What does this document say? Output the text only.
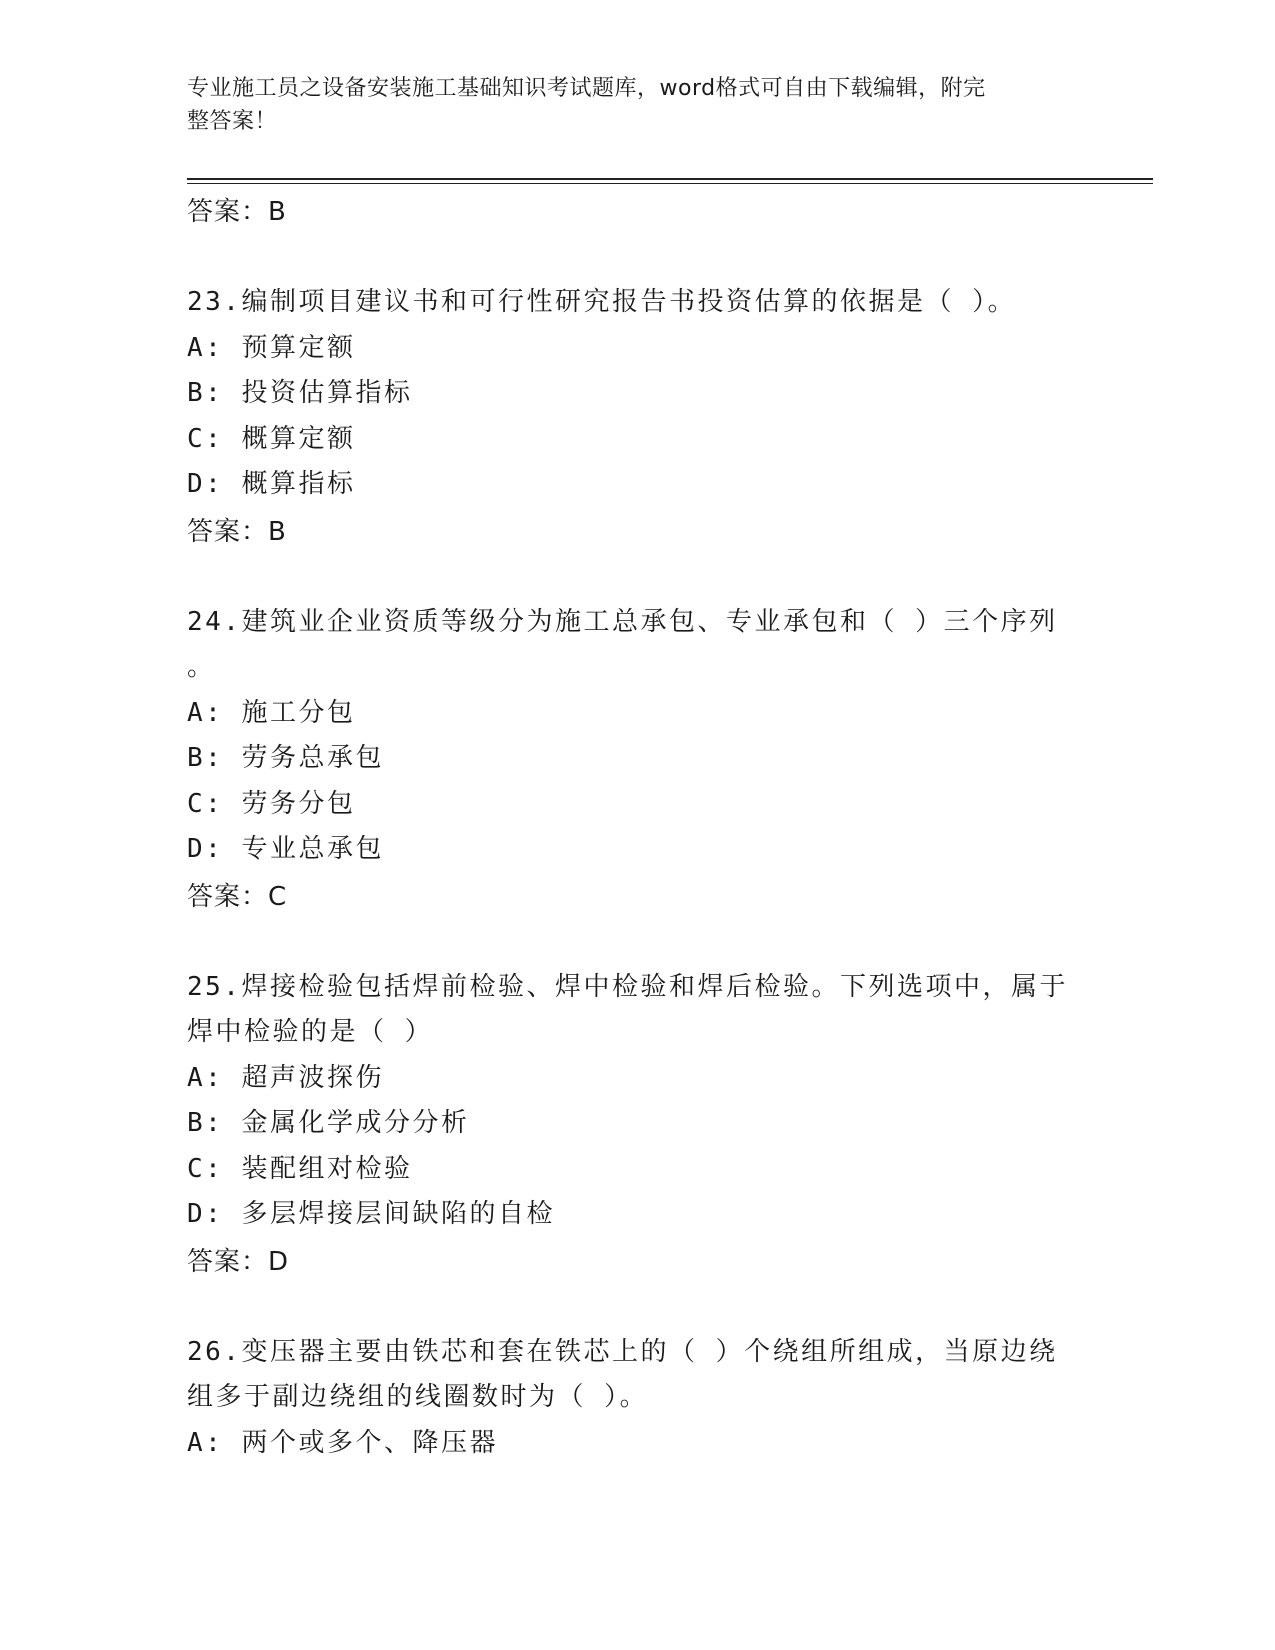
专业施工员之设备安装施工基础知识考试题库，word格式可自由下载编辑，附完
整答案！
答案：B
23.编制项目建议书和可行性研究报告书投资估算的依据是（ ）。
A: 预算定额
B: 投资估算指标
C: 概算定额
D: 概算指标
答案：B
24.建筑业企业资质等级分为施工总承包、专业承包和（ ）三个序列
。
A: 施工分包
B: 劳务总承包
C: 劳务分包
D: 专业总承包
答案：C
25.焊接检验包括焊前检验、焊中检验和焊后检验。下列选项中，属于
焊中检验的是（ ）
A: 超声波探伤
B: 金属化学成分分析
C: 装配组对检验
D: 多层焊接层间缺陷的自检
答案：D
26.变压器主要由铁芯和套在铁芯上的（ ）个绕组所组成，当原边绕
组多于副边绕组的线圈数时为（ ）。
A: 两个或多个、降压器
